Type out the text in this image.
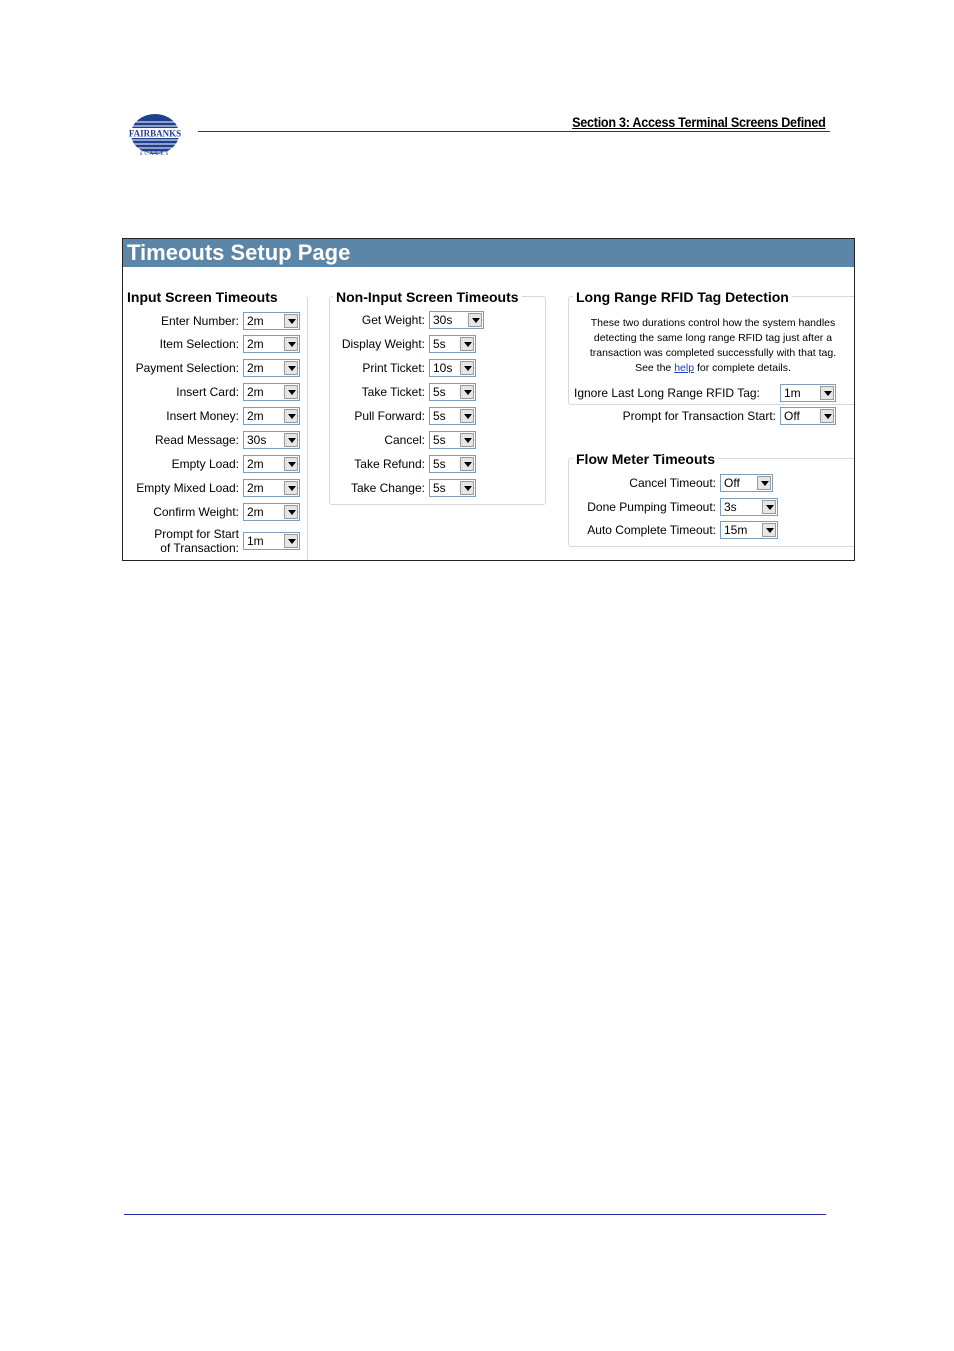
FAIRBANKS
SCALES
Section 3: Access Terminal Screens Defined
Timeouts Setup Page
Input Screen Timeouts	Non-Input Screen Timeouts	Long Range RFID Tag Detection
Flow Meter Timeouts
Enter Number: 2m
Item Selection: 2m
Payment Selection: 2m
Insert Card: 2m
Insert Money: 2m
Read Message: 30s
Empty Load: 2m
Empty Mixed Load: 2m
Confirm Weight: 2m
Prompt for Start
of Transaction: 1m
Get Weight: 30s
Display Weight: 5s
Print Ticket: 10s
Take Ticket: 5s
Pull Forward: 5s
Cancel: 5s
Take Refund: 5s
Take Change: 5s
These two durations control how the system handles
detecting the same long range RFID tag just after a
transaction was completed successfully with that tag.
See the help for complete details.
Ignore Last Long Range RFID Tag:	1m
Prompt for Transaction Start: Off
Cancel Timeout: Off
Done Pumping Timeout: 3s
Auto Complete Timeout: 15m
